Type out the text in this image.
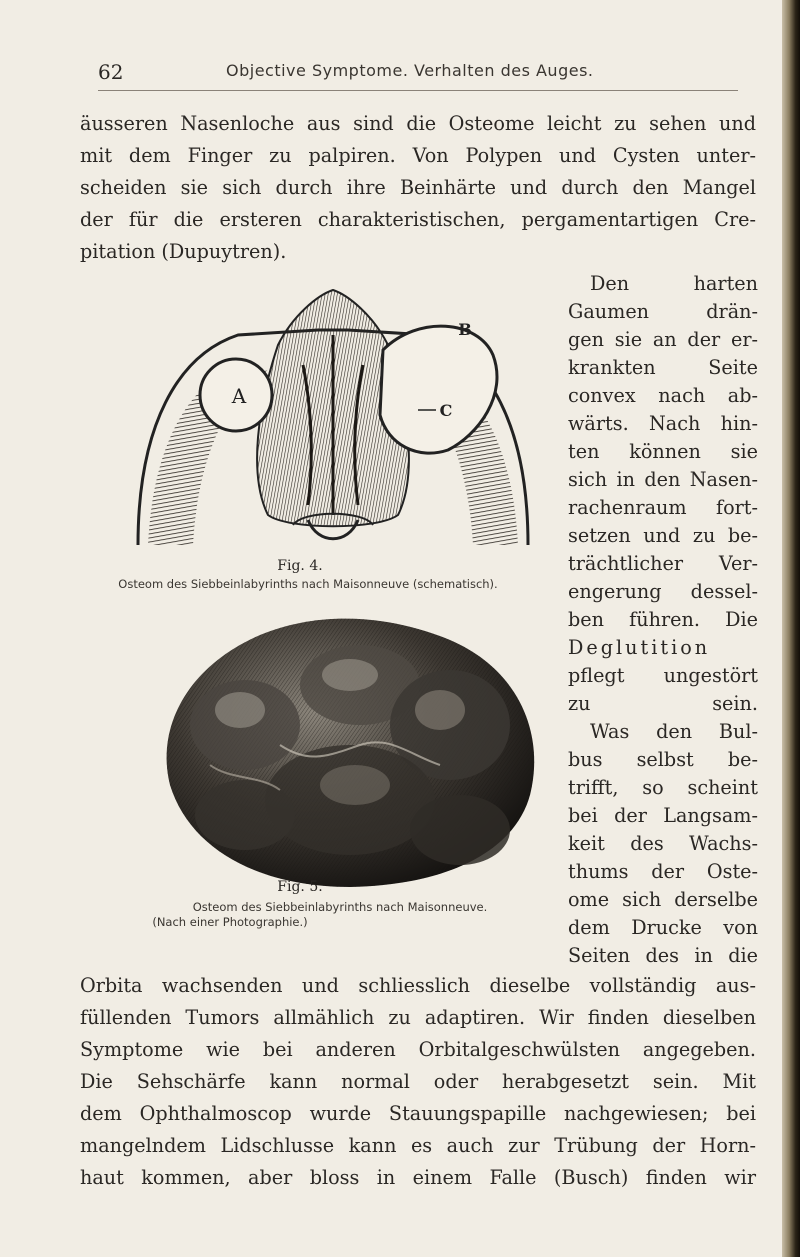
62	Objective Symptome. Verhalten des Auges.
äusseren Nasenloche aus sind die Osteome leicht zu sehen und
mit dem Finger zu palpiren. Von Polypen und Cysten unter-
scheiden sie sich durch ihre Beinhärte und durch den Mangel
der für die ersteren charakteristischen, pergamentartigen Cre-
pitation (Dupuytren).
Den harten
Gaumen drän-
gen sie an der er-
krankten Seite
convex nach ab-
wärts. Nach hin-
ten können sie
sich in den Nasen-
rachenraum fort-
setzen und zu be-
trächtlicher Ver-
engerung dessel-
ben führen. Die
Deglutition
pflegt ungestört
zu sein.
Was den Bul-
bus selbst be-
trifft, so scheint
bei der Langsam-
keit des Wachs-
thums der Oste-
ome sich derselbe
dem Drucke von
Seiten des in die
A
B
C
Fig. 4.
Osteom des Siebbeinlabyrinths nach Maisonneuve (schematisch).
Fig. 5.
Osteom des Siebbeinlabyrinths nach Maisonneuve.
(Nach einer Photographie.)
Orbita wachsenden und schliesslich dieselbe vollständig aus-
füllenden Tumors allmählich zu adaptiren. Wir finden dieselben
Symptome wie bei anderen Orbitalgeschwülsten angegeben.
Die Sehschärfe kann normal oder herabgesetzt sein. Mit
dem Ophthalmoscop wurde Stauungspapille nachgewiesen; bei
mangelndem Lidschlusse kann es auch zur Trübung der Horn-
haut kommen, aber bloss in einem Falle (Busch) finden wir
